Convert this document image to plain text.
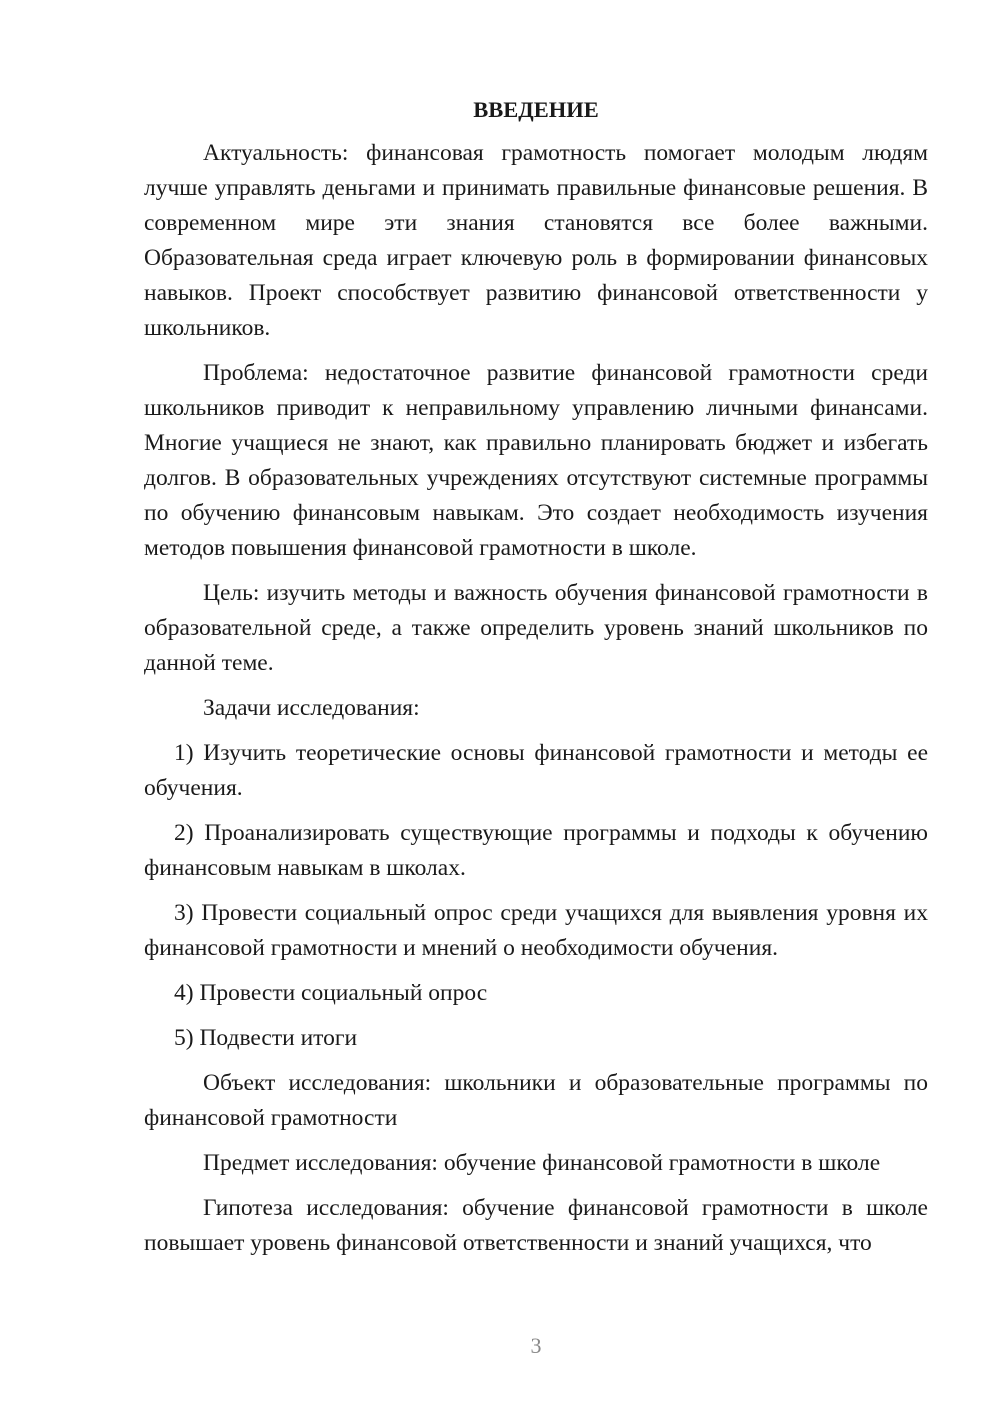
ВВЕДЕНИЕ

Актуальность: финансовая грамотность помогает молодым людям лучше управлять деньгами и принимать правильные финансовые решения. В современном мире эти знания становятся все более важными. Образовательная среда играет ключевую роль в формировании финансовых навыков. Проект способствует развитию финансовой ответственности у школьников.

Проблема: недостаточное развитие финансовой грамотности среди школьников приводит к неправильному управлению личными финансами. Многие учащиеся не знают, как правильно планировать бюджет и избегать долгов. В образовательных учреждениях отсутствуют системные программы по обучению финансовым навыкам. Это создает необходимость изучения методов повышения финансовой грамотности в школе.

Цель: изучить методы и важность обучения финансовой грамотности в образовательной среде, а также определить уровень знаний школьников по данной теме.

Задачи исследования:

1) Изучить теоретические основы финансовой грамотности и методы ее обучения.

2) Проанализировать существующие программы и подходы к обучению финансовым навыкам в школах.

3) Провести социальный опрос среди учащихся для выявления уровня их финансовой грамотности и мнений о необходимости обучения.

4) Провести социальный опрос

5) Подвести итоги

Объект исследования: школьники и образовательные программы по финансовой грамотности

Предмет исследования: обучение финансовой грамотности в школе

Гипотеза исследования: обучение финансовой грамотности в школе повышает уровень финансовой ответственности и знаний учащихся, что

3
